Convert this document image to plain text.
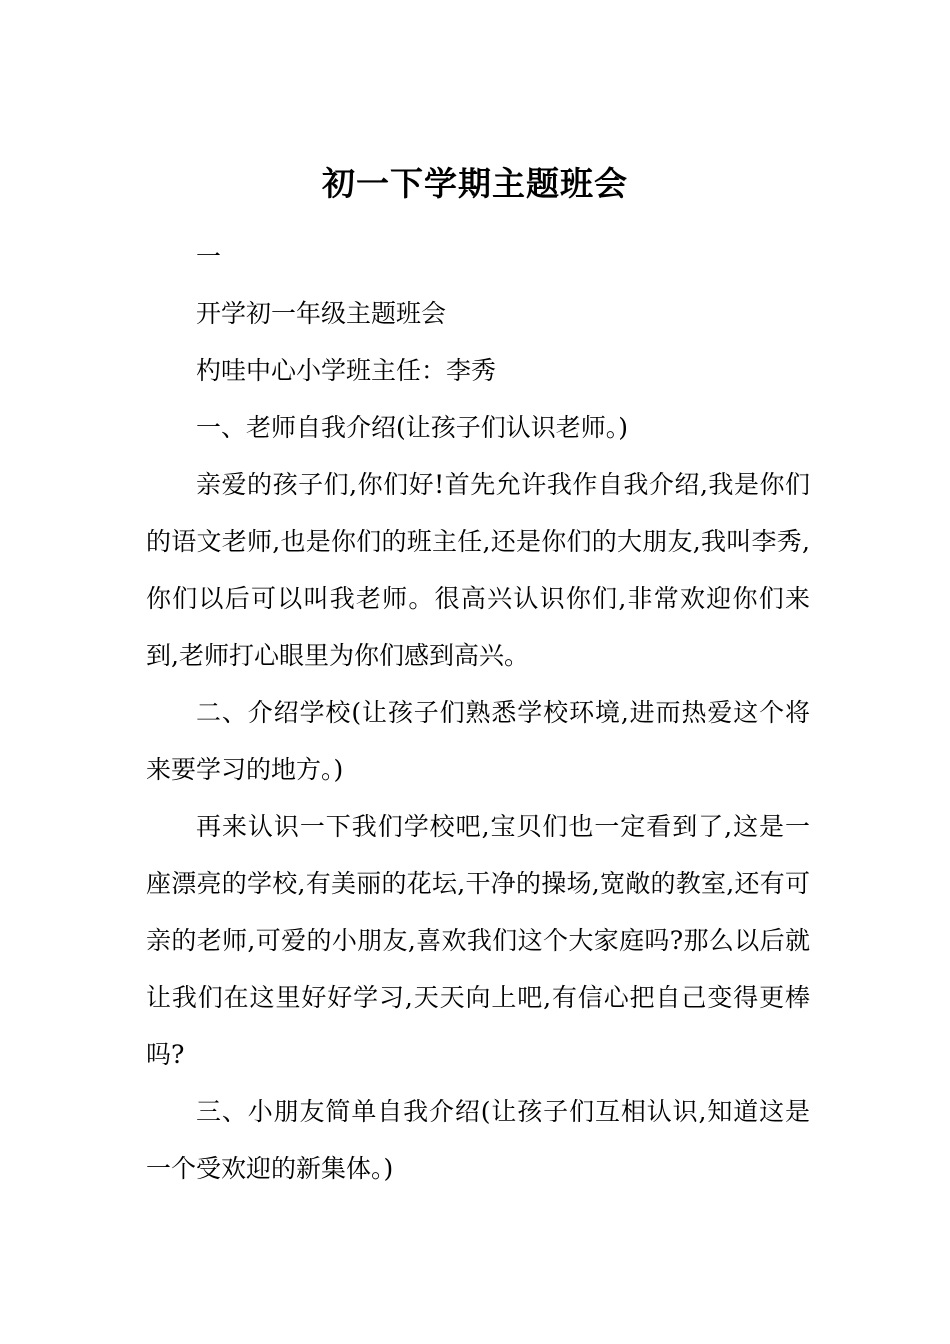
初一下学期主题班会

一

开学初一年级主题班会

杓哇中心小学班主任：李秀

一、老师自我介绍(让孩子们认识老师。)

亲爱的孩子们,你们好!首先允许我作自我介绍,我是你们的语文老师,也是你们的班主任,还是你们的大朋友,我叫李秀,你们以后可以叫我老师。很高兴认识你们,非常欢迎你们来到,老师打心眼里为你们感到高兴。

二、介绍学校(让孩子们熟悉学校环境,进而热爱这个将来要学习的地方。)

再来认识一下我们学校吧,宝贝们也一定看到了,这是一座漂亮的学校,有美丽的花坛,干净的操场,宽敞的教室,还有可亲的老师,可爱的小朋友,喜欢我们这个大家庭吗?那么以后就让我们在这里好好学习,天天向上吧,有信心把自己变得更棒吗?

三、小朋友简单自我介绍(让孩子们互相认识,知道这是一个受欢迎的新集体。)
